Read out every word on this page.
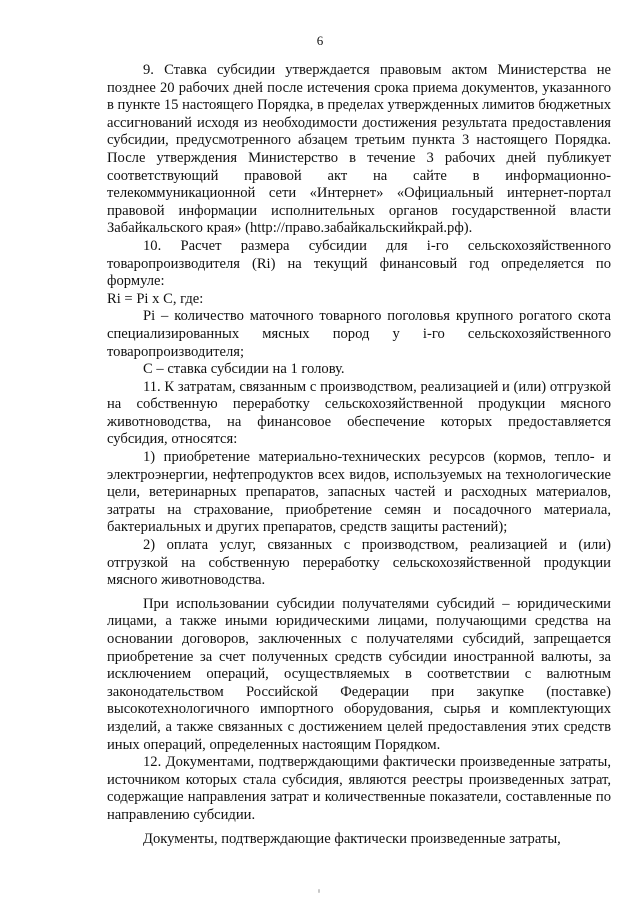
6

9. Ставка субсидии утверждается правовым актом Министерства не позднее 20 рабочих дней после истечения срока приема документов, указанного в пункте 15 настоящего Порядка, в пределах утвержденных лимитов бюджетных ассигнований исходя из необходимости достижения результата предоставления субсидии, предусмотренного абзацем третьим пункта 3 настоящего Порядка. После утверждения Министерство в течение 3 рабочих дней публикует соответствующий правовой акт на сайте в информационно-телекоммуникационной сети «Интернет» «Официальный интернет-портал правовой информации исполнительных органов государственной власти Забайкальского края» (http://право.забайкальскийкрай.рф).

10. Расчет размера субсидии для i-го сельскохозяйственного товаропроизводителя (Ri) на текущий финансовый год определяется по формуле:

Ri = Pi х С, где:

Pi – количество маточного товарного поголовья крупного рогатого скота специализированных мясных пород у i-го сельскохозяйственного товаропроизводителя;

С – ставка субсидии на 1 голову.

11. К затратам, связанным с производством, реализацией и (или) отгрузкой на собственную переработку сельскохозяйственной продукции мясного животноводства, на финансовое обеспечение которых предоставляется субсидия, относятся:

1) приобретение материально-технических ресурсов (кормов, тепло- и электроэнергии, нефтепродуктов всех видов, используемых на технологические цели, ветеринарных препаратов, запасных частей и расходных материалов, затраты на страхование, приобретение семян и посадочного материала, бактериальных и других препаратов, средств защиты растений);

2) оплата услуг, связанных с производством, реализацией и (или) отгрузкой на собственную переработку сельскохозяйственной продукции мясного животноводства.

При использовании субсидии получателями субсидий – юридическими лицами, а также иными юридическими лицами, получающими средства на основании договоров, заключенных с получателями субсидий, запрещается приобретение за счет полученных средств субсидии иностранной валюты, за исключением операций, осуществляемых в соответствии с валютным законодательством Российской Федерации при закупке (поставке) высокотехнологичного импортного оборудования, сырья и комплектующих изделий, а также связанных с достижением целей предоставления этих средств иных операций, определенных настоящим Порядком.

12. Документами, подтверждающими фактически произведенные затраты, источником которых стала субсидия, являются реестры произведенных затрат, содержащие направления затрат и количественные показатели, составленные по направлению субсидии.

Документы, подтверждающие фактически произведенные затраты,
